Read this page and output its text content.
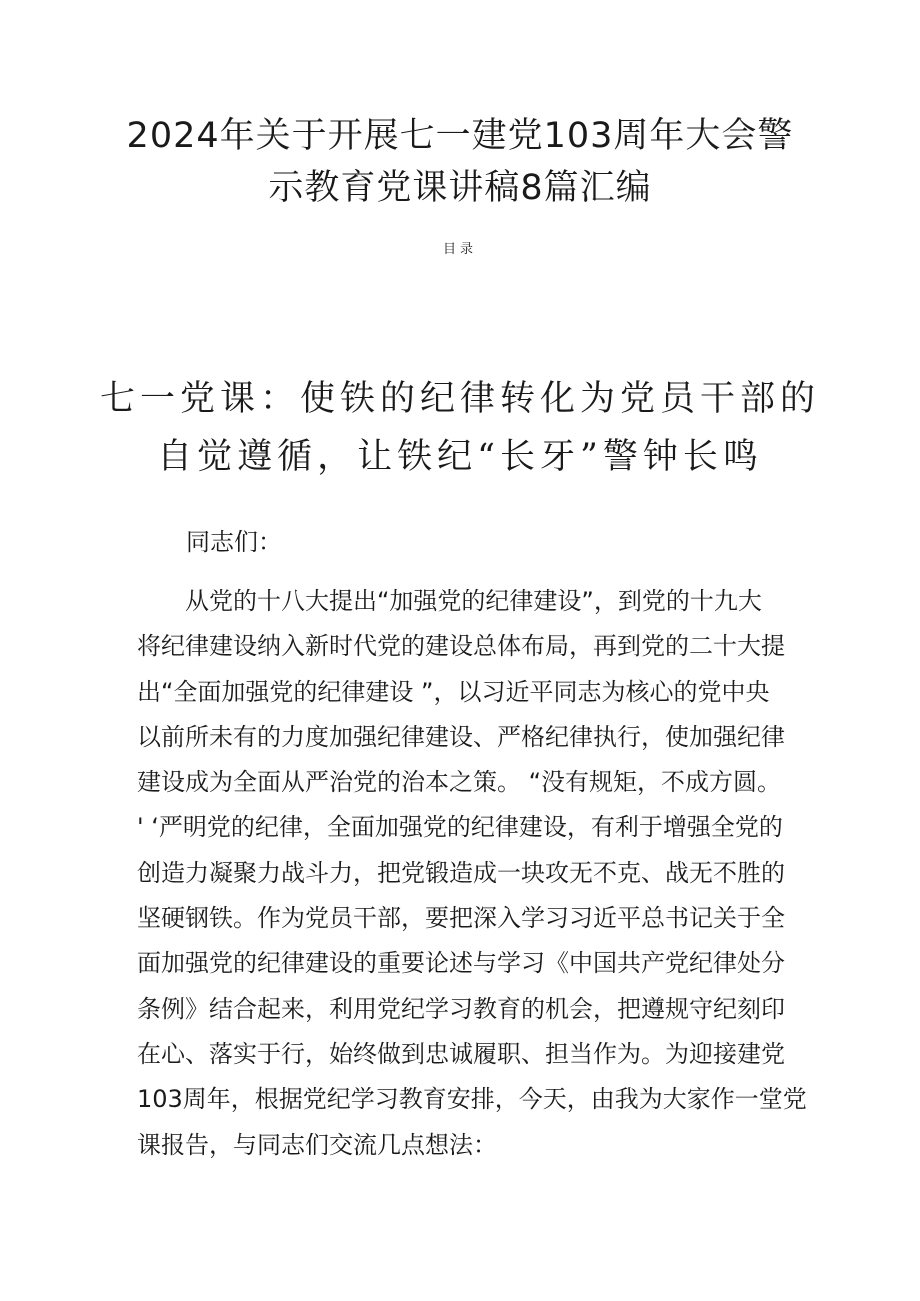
2024年关于开展七一建党103周年大会警
示教育党课讲稿8篇汇编

目录

七一党课：使铁的纪律转化为党员干部的
自觉遵循，让铁纪“长牙”警钟长鸣

同志们：

从党的十八大提出“加强党的纪律建设”，到党的十九大
将纪律建设纳入新时代党的建设总体布局，再到党的二十大提
出“全面加强党的纪律建设 ”，以习近平同志为核心的党中央
以前所未有的力度加强纪律建设、严格纪律执行，使加强纪律
建设成为全面从严治党的治本之策。 “没有规矩，不成方圆。
' ‘严明党的纪律，全面加强党的纪律建设，有利于增强全党的
创造力凝聚力战斗力，把党锻造成一块攻无不克、战无不胜的
坚硬钢铁。作为党员干部，要把深入学习习近平总书记关于全
面加强党的纪律建设的重要论述与学习《中国共产党纪律处分
条例》结合起来，利用党纪学习教育的机会，把遵规守纪刻印
在心、落实于行，始终做到忠诚履职、担当作为。为迎接建党
103周年，根据党纪学习教育安排，今天，由我为大家作一堂党
课报告，与同志们交流几点想法：
